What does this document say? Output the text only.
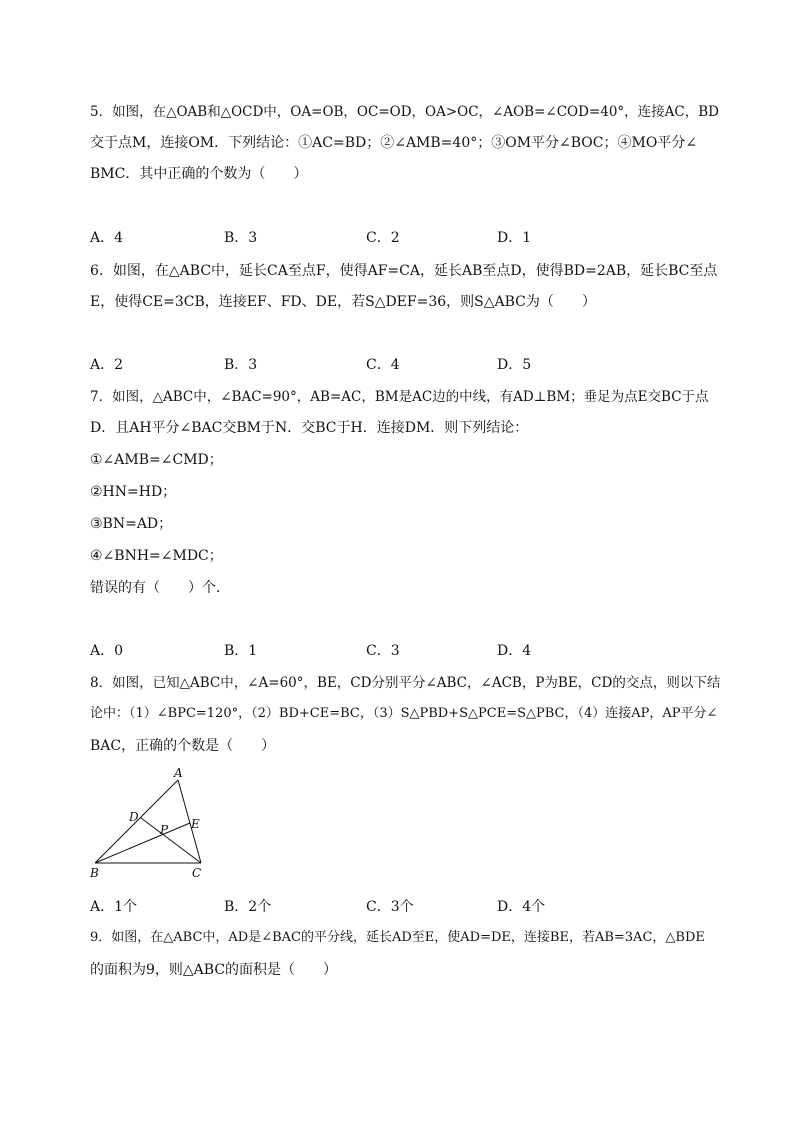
5．如图，在△OAB和△OCD中，OA=OB，OC=OD，OA>OC，∠AOB=∠COD=40°，连接AC，BD
交于点M，连接OM．下列结论：①AC=BD；②∠AMB=40°；③OM平分∠BOC；④MO平分∠
BMC．其中正确的个数为（　　）
A．4	B．3	C．2	D．1
6．如图，在△ABC中，延长CA至点F，使得AF=CA，延长AB至点D，使得BD=2AB，延长BC至点
E，使得CE=3CB，连接EF、FD、DE，若S△DEF=36，则S△ABC为（　　）
A．2	B．3	C．4	D．5
7．如图，△ABC中，∠BAC=90°，AB=AC，BM是AC边的中线，有AD⊥BM；垂足为点E交BC于点
D．且AH平分∠BAC交BM于N．交BC于H．连接DM．则下列结论：
①∠AMB=∠CMD；
②HN=HD；
③BN=AD；
④∠BNH=∠MDC；
错误的有（　　）个．
A．0	B．1	C．3	D．4
8．如图，已知△ABC中，∠A=60°，BE，CD分别平分∠ABC，∠ACB，P为BE，CD的交点，则以下结
论中：（1）∠BPC=120°，（2）BD+CE=BC，（3）S△PBD+S△PCE=S△PBC，（4）连接AP，AP平分∠
BAC，正确的个数是（　　）
A
B	C
D	E
P
A．1个	B．2个	C．3个	D．4个
9．如图，在△ABC中，AD是∠BAC的平分线，延长AD至E，使AD=DE，连接BE，若AB=3AC，△BDE
的面积为9，则△ABC的面积是（　　）
